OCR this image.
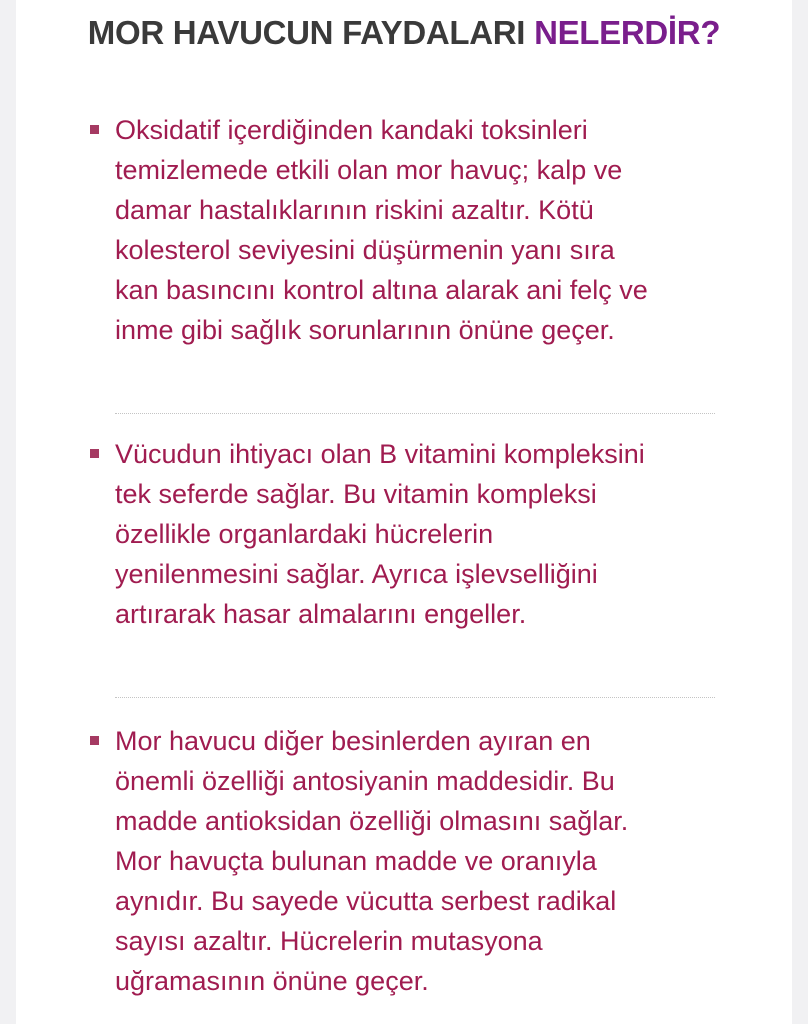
MOR HAVUCUN FAYDALARI NELERDİR?

Oksidatif içerdiğinden kandaki toksinleri
temizlemede etkili olan mor havuç; kalp ve
damar hastalıklarının riskini azaltır. Kötü
kolesterol seviyesini düşürmenin yanı sıra
kan basıncını kontrol altına alarak ani felç ve
inme gibi sağlık sorunlarının önüne geçer.

Vücudun ihtiyacı olan B vitamini kompleksini
tek seferde sağlar. Bu vitamin kompleksi
özellikle organlardaki hücrelerin
yenilenmesini sağlar. Ayrıca işlevselliğini
artırarak hasar almalarını engeller.

Mor havucu diğer besinlerden ayıran en
önemli özelliği antosiyanin maddesidir. Bu
madde antioksidan özelliği olmasını sağlar.
Mor havuçta bulunan madde ve oranıyla
aynıdır. Bu sayede vücutta serbest radikal
sayısı azaltır. Hücrelerin mutasyona
uğramasının önüne geçer.
